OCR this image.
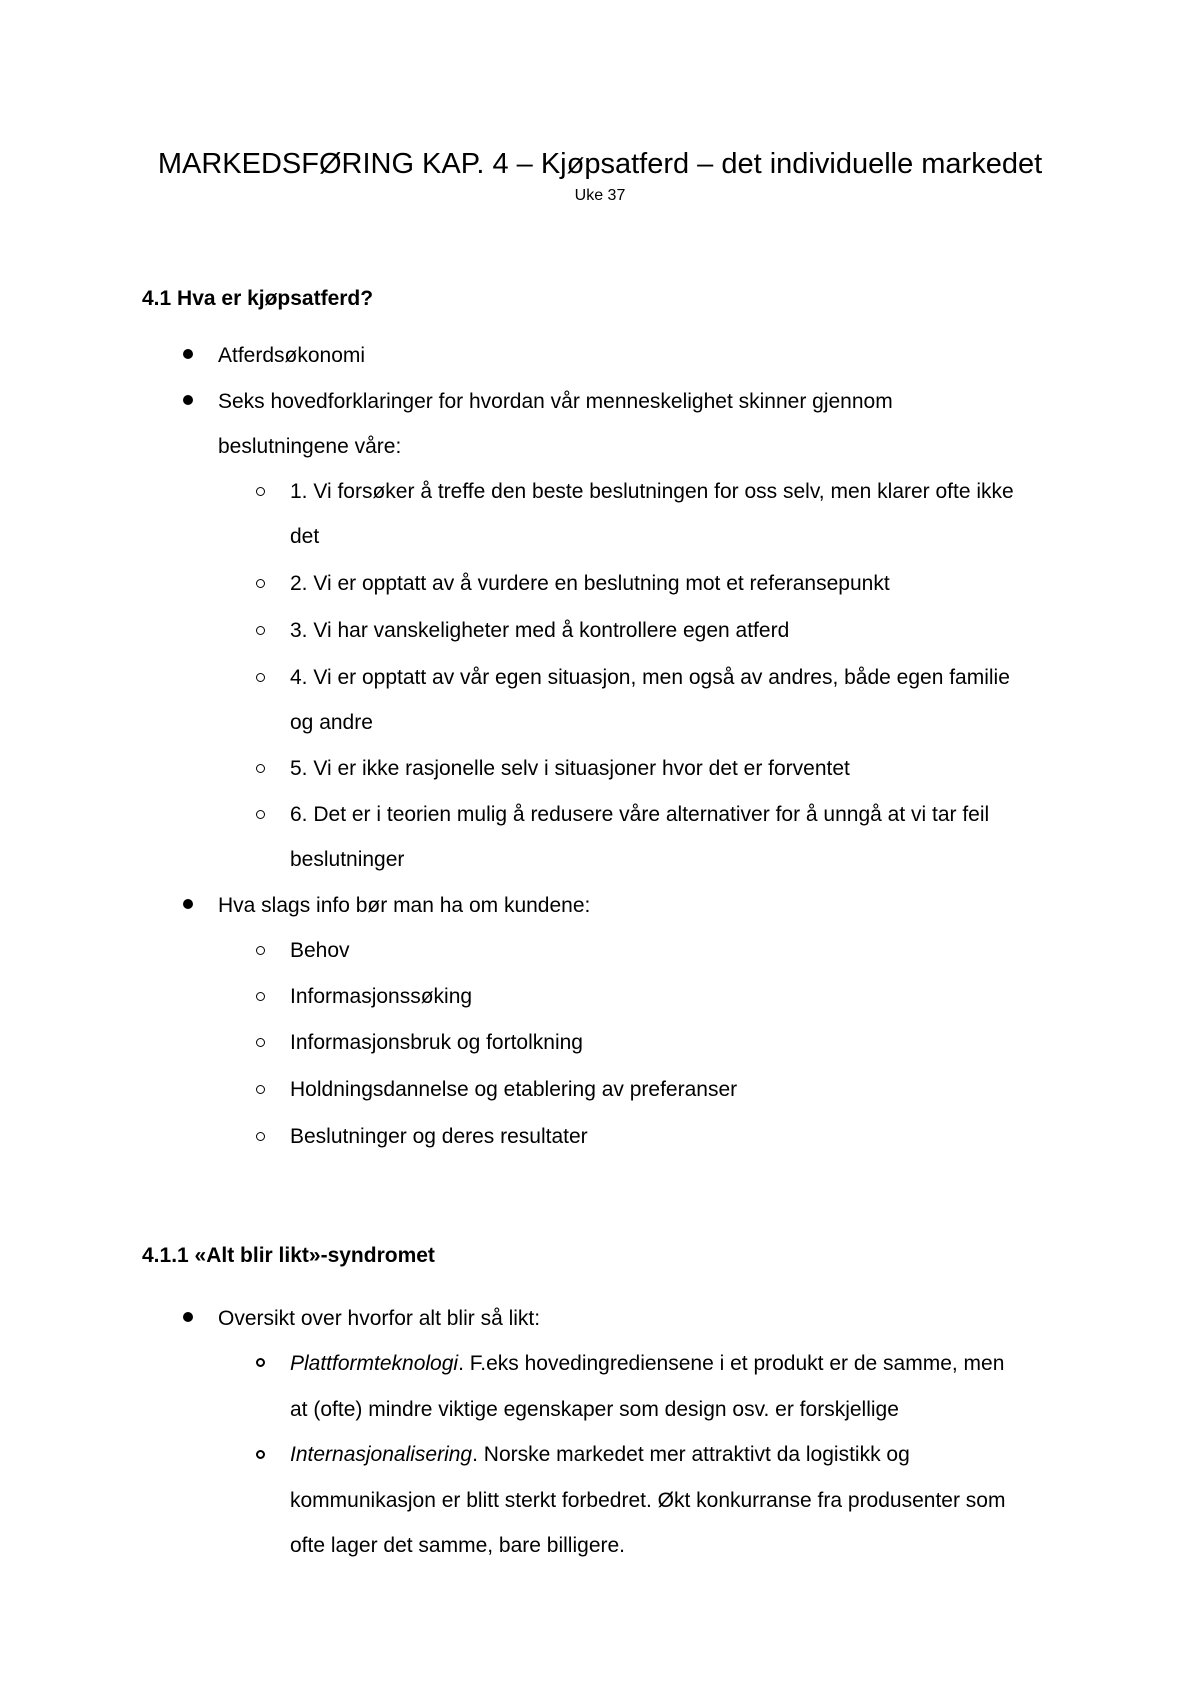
MARKEDSFØRING KAP. 4 – Kjøpsatferd – det individuelle markedet
Uke 37
4.1 Hva er kjøpsatferd?
Atferdsøkonomi
Seks hovedforklaringer for hvordan vår menneskelighet skinner gjennom
beslutningene våre:
1. Vi forsøker å treffe den beste beslutningen for oss selv, men klarer ofte ikke
det
2. Vi er opptatt av å vurdere en beslutning mot et referansepunkt
3. Vi har vanskeligheter med å kontrollere egen atferd
4. Vi er opptatt av vår egen situasjon, men også av andres, både egen familie
og andre
5. Vi er ikke rasjonelle selv i situasjoner hvor det er forventet
6. Det er i teorien mulig å redusere våre alternativer for å unngå at vi tar feil
beslutninger
Hva slags info bør man ha om kundene:
Behov
Informasjonssøking
Informasjonsbruk og fortolkning
Holdningsdannelse og etablering av preferanser
Beslutninger og deres resultater
4.1.1 «Alt blir likt»-syndromet
Oversikt over hvorfor alt blir så likt:
Plattformteknologi. F.eks hovedingrediensene i et produkt er de samme, men
at (ofte) mindre viktige egenskaper som design osv. er forskjellige
Internasjonalisering. Norske markedet mer attraktivt da logistikk og
kommunikasjon er blitt sterkt forbedret. Økt konkurranse fra produsenter som
ofte lager det samme, bare billigere.
